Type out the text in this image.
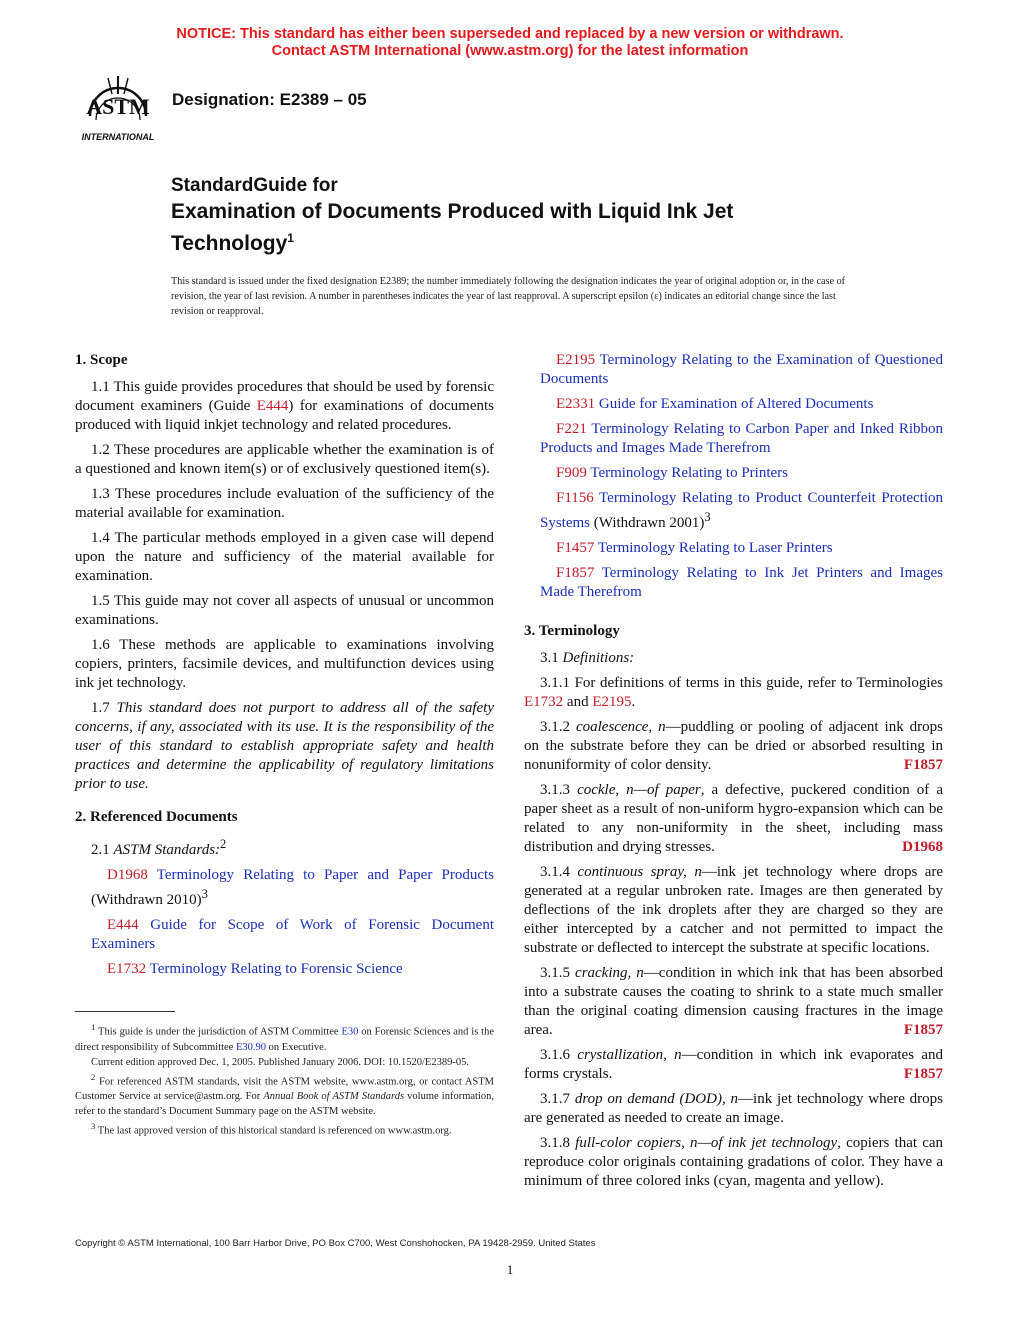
NOTICE: This standard has either been superseded and replaced by a new version or withdrawn.
Contact ASTM International (www.astm.org) for the latest information
ASTM
INTERNATIONAL
Designation: E2389 – 05
StandardGuide for
Examination of Documents Produced with Liquid Ink Jet
Technology$^1$
This standard is issued under the fixed designation E2389; the number immediately following the designation indicates the year of original adoption or, in the case of revision, the year of last revision. A number in parentheses indicates the year of last reapproval. A superscript epsilon (ε) indicates an editorial change since the last revision or reapproval.
1. Scope

1.1 This guide provides procedures that should be used by forensic document examiners (Guide E444) for examinations of documents produced with liquid inkjet technology and related procedures.

1.2 These procedures are applicable whether the examination is of a questioned and known item(s) or of exclusively questioned item(s).

1.3 These procedures include evaluation of the sufficiency of the material available for examination.

1.4 The particular methods employed in a given case will depend upon the nature and sufficiency of the material available for examination.

1.5 This guide may not cover all aspects of unusual or uncommon examinations.

1.6 These methods are applicable to examinations involving copiers, printers, facsimile devices, and multifunction devices using ink jet technology.

1.7 This standard does not purport to address all of the safety concerns, if any, associated with its use. It is the responsibility of the user of this standard to establish appropriate safety and health practices and determine the applicability of regulatory limitations prior to use.

2. Referenced Documents

2.1 ASTM Standards:$^2$

D1968 Terminology Relating to Paper and Paper Products (Withdrawn 2010)$^3$

E444 Guide for Scope of Work of Forensic Document Examiners

E1732 Terminology Relating to Forensic Science

E2195 Terminology Relating to the Examination of Questioned Documents

E2331 Guide for Examination of Altered Documents

F221 Terminology Relating to Carbon Paper and Inked Ribbon Products and Images Made Therefrom

F909 Terminology Relating to Printers

F1156 Terminology Relating to Product Counterfeit Protection Systems (Withdrawn 2001)$^3$

F1457 Terminology Relating to Laser Printers

F1857 Terminology Relating to Ink Jet Printers and Images Made Therefrom

3. Terminology

3.1 Definitions:

3.1.1 For definitions of terms in this guide, refer to Terminologies E1732 and E2195.

3.1.2 coalescence, n—puddling or pooling of adjacent ink drops on the substrate before they can be dried or absorbed resulting in nonuniformity of color density.	F1857

3.1.3 cockle, n—of paper, a defective, puckered condition of a paper sheet as a result of non-uniform hygro-expansion which can be related to any non-uniformity in the sheet, including mass distribution and drying stresses.	D1968

3.1.4 continuous spray, n—ink jet technology where drops are generated at a regular unbroken rate. Images are then generated by deflections of the ink droplets after they are charged so they are either intercepted by a catcher and not permitted to impact the substrate or deflected to intercept the substrate at specific locations.

3.1.5 cracking, n—condition in which ink that has been absorbed into a substrate causes the coating to shrink to a state much smaller than the original coating dimension causing fractures in the image area.	F1857

3.1.6 crystallization, n—condition in which ink evaporates and forms crystals.	F1857

3.1.7 drop on demand (DOD), n—ink jet technology where drops are generated as needed to create an image.

3.1.8 full-color copiers, n—of ink jet technology, copiers that can reproduce color originals containing gradations of color. They have a minimum of three colored inks (cyan, magenta and yellow).

$^1$ This guide is under the jurisdiction of ASTM Committee E30 on Forensic Sciences and is the direct responsibility of Subcommittee E30.90 on Executive.

Current edition approved Dec. 1, 2005. Published January 2006. DOI: 10.1520/E2389-05.

$^2$ For referenced ASTM standards, visit the ASTM website, www.astm.org, or contact ASTM Customer Service at service@astm.org. For Annual Book of ASTM Standards volume information, refer to the standard’s Document Summary page on the ASTM website.

$^3$ The last approved version of this historical standard is referenced on www.astm.org.

Copyright © ASTM International, 100 Barr Harbor Drive, PO Box C700, West Conshohocken, PA 19428-2959. United States
1
